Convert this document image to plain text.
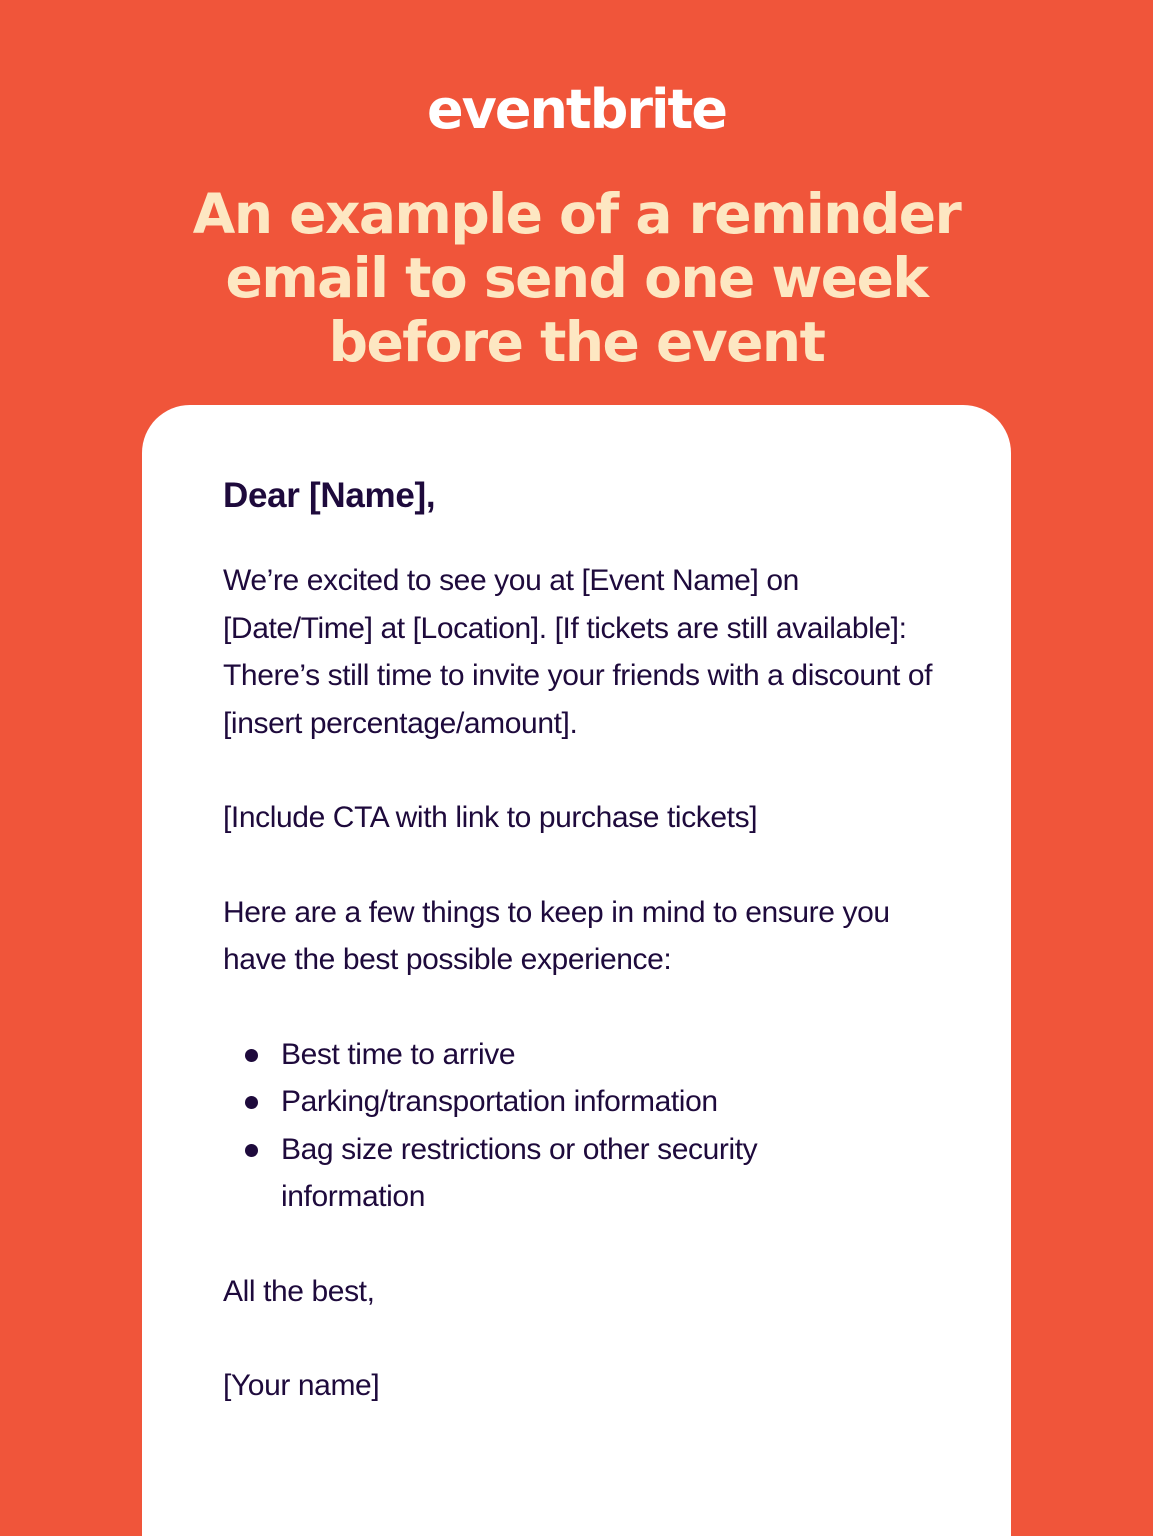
eventbrite
An example of a reminder email to send one week before the event

Dear [Name],

We’re excited to see you at [Event Name] on [Date/Time] at [Location]. [If tickets are still available]: There’s still time to invite your friends with a discount of [insert percentage/amount].

[Include CTA with link to purchase tickets]

Here are a few things to keep in mind to ensure you have the best possible experience:

Best time to arrive
Parking/transportation information
Bag size restrictions or other security information

All the best,

[Your name]
